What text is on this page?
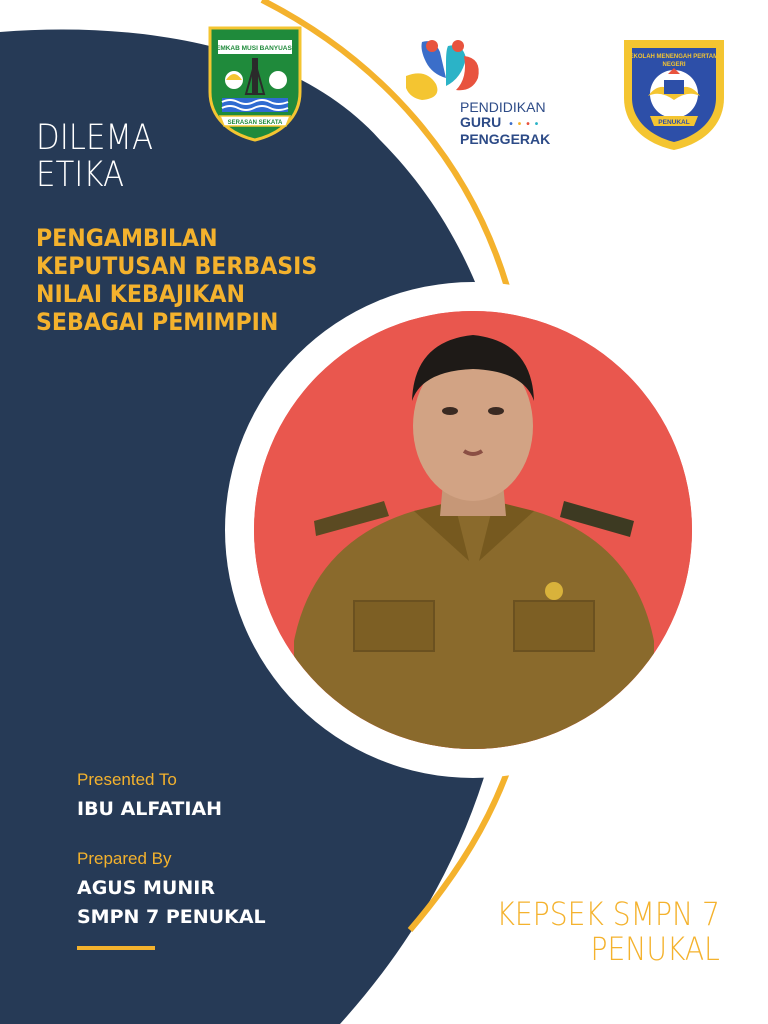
PEMKAB MUSI BANYUASIN
SERASAN SEKATA
PENDIDIKAN
GURU ••••
PENGGERAK
SEKOLAH MENENGAH PERTAMA
NEGERI
PENUKAL
DILEMA
ETIKA
PENGAMBILAN
KEPUTUSAN BERBASIS
NILAI KEBAJIKAN
SEBAGAI PEMIMPIN

Presented To

IBU ALFATIAH

Prepared By

AGUS MUNIR

SMPN 7 PENUKAL	KEPSEK SMPN 7
PENUKAL
